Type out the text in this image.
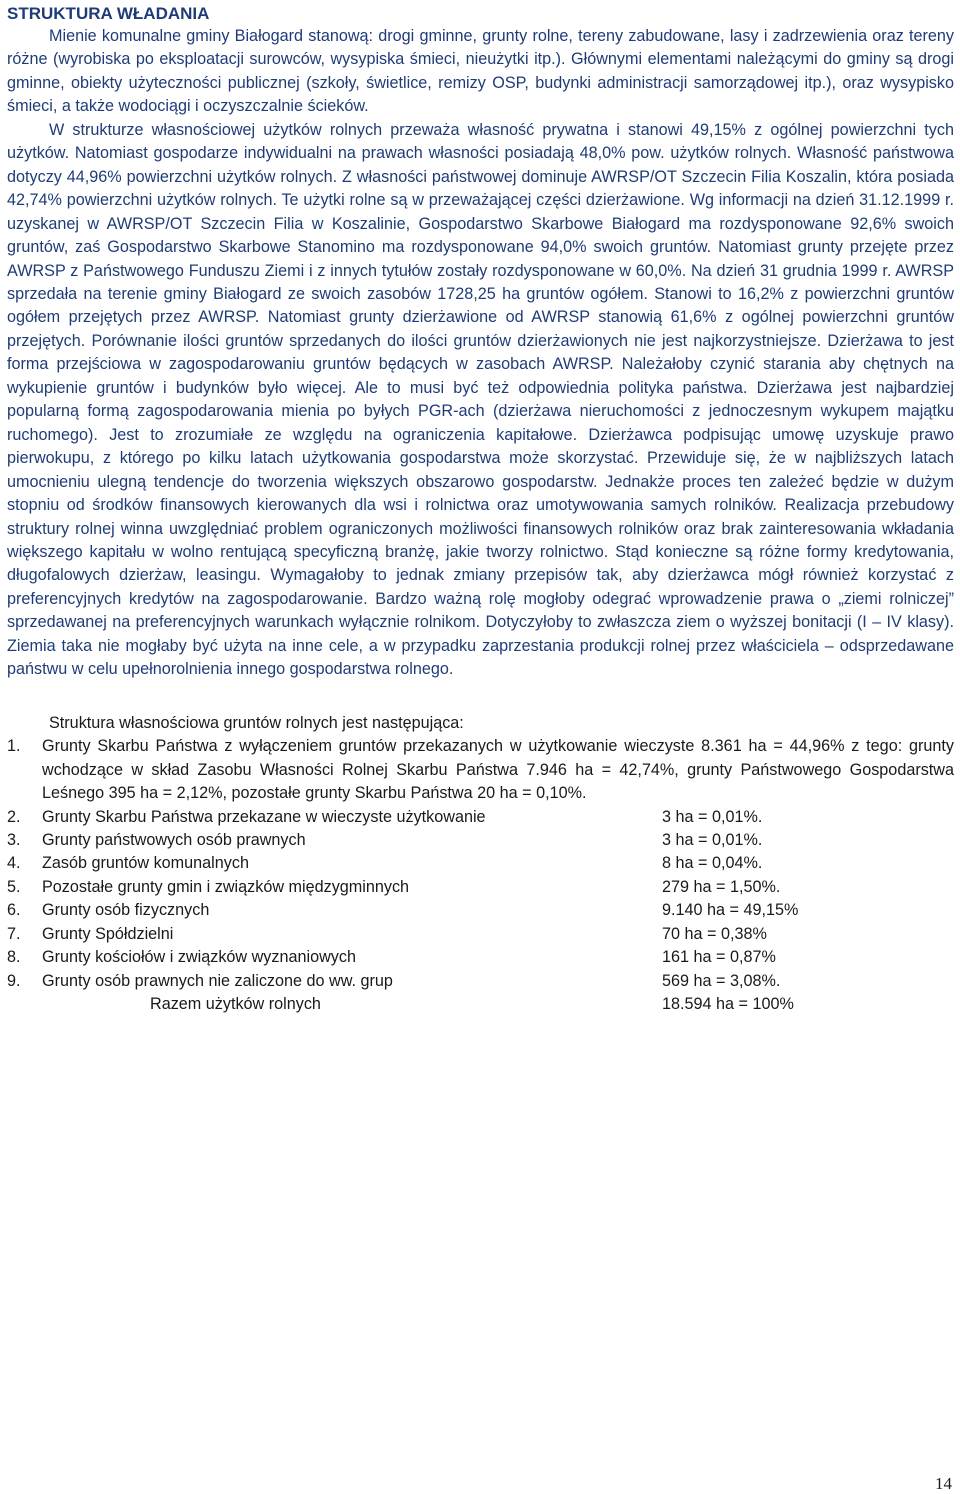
STRUKTURA WŁADANIA

Mienie komunalne gminy Białogard stanową: drogi gminne, grunty rolne, tereny zabudowane, lasy i zadrzewienia oraz tereny różne (wyrobiska po eksploatacji surowców, wysypiska śmieci, nieużytki itp.). Głównymi elementami należącymi do gminy są drogi gminne, obiekty użyteczności publicznej (szkoły, świetlice, remizy OSP, budynki administracji samorządowej itp.), oraz wysypisko śmieci, a także wodociągi i oczyszczalnie ścieków.

W strukturze własnościowej użytków rolnych przeważa własność prywatna i stanowi 49,15% z ogólnej powierzchni tych użytków. Natomiast gospodarze indywidualni na prawach własności posiadają 48,0% pow. użytków rolnych. Własność państwowa dotyczy 44,96% powierzchni użytków rolnych. Z własności państwowej dominuje AWRSP/OT Szczecin Filia Koszalin, która posiada 42,74% powierzchni użytków rolnych. Te użytki rolne są w przeważającej części dzierżawione. Wg informacji na dzień 31.12.1999 r. uzyskanej w AWRSP/OT Szczecin Filia w Koszalinie, Gospodarstwo Skarbowe Białogard ma rozdysponowane 92,6% swoich gruntów, zaś Gospodarstwo Skarbowe Stanomino ma rozdysponowane 94,0% swoich gruntów. Natomiast grunty przejęte przez AWRSP z Państwowego Funduszu Ziemi i z innych tytułów zostały rozdysponowane w 60,0%. Na dzień 31 grudnia 1999 r. AWRSP sprzedała na terenie gminy Białogard ze swoich zasobów 1728,25 ha gruntów ogółem. Stanowi to 16,2% z powierzchni gruntów ogółem przejętych przez AWRSP. Natomiast grunty dzierżawione od AWRSP stanowią 61,6% z ogólnej powierzchni gruntów przejętych. Porównanie ilości gruntów sprzedanych do ilości gruntów dzierżawionych nie jest najkorzystniejsze. Dzierżawa to jest forma przejściowa w zagospodarowaniu gruntów będących w zasobach AWRSP. Należałoby czynić starania aby chętnych na wykupienie gruntów i budynków było więcej. Ale to musi być też odpowiednia polityka państwa. Dzierżawa jest najbardziej popularną formą zagospodarowania mienia po byłych PGR-ach (dzierżawa nieruchomości z jednoczesnym wykupem majątku ruchomego). Jest to zrozumiałe ze względu na ograniczenia kapitałowe. Dzierżawca podpisując umowę uzyskuje prawo pierwokupu, z którego po kilku latach użytkowania gospodarstwa może skorzystać. Przewiduje się, że w najbliższych latach umocnieniu ulegną tendencje do tworzenia większych obszarowo gospodarstw. Jednakże proces ten zależeć będzie w dużym stopniu od środków finansowych kierowanych dla wsi i rolnictwa oraz umotywowania samych rolników. Realizacja przebudowy struktury rolnej winna uwzględniać problem ograniczonych możliwości finansowych rolników oraz brak zainteresowania wkładania większego kapitału w wolno rentującą specyficzną branżę, jakie tworzy rolnictwo. Stąd konieczne są różne formy kredytowania, długofalowych dzierżaw, leasingu. Wymagałoby to jednak zmiany przepisów tak, aby dzierżawca mógł również korzystać z preferencyjnych kredytów na zagospodarowanie. Bardzo ważną rolę mogłoby odegrać wprowadzenie prawa o „ziemi rolniczej” sprzedawanej na preferencyjnych warunkach wyłącznie rolnikom. Dotyczyłoby to zwłaszcza ziem o wyższej bonitacji (I – IV klasy). Ziemia taka nie mogłaby być użyta na inne cele, a w przypadku zaprzestania produkcji rolnej przez właściciela – odsprzedawane państwu w celu upełnorolnienia innego gospodarstwa rolnego.

Struktura własnościowa gruntów rolnych jest następująca:
1.	Grunty Skarbu Państwa z wyłączeniem gruntów przekazanych w użytkowanie wieczyste 8.361 ha = 44,96% z tego: grunty wchodzące w skład Zasobu Własności Rolnej Skarbu Państwa 7.946 ha = 42,74%, grunty Państwowego Gospodarstwa Leśnego 395 ha = 2,12%, pozostałe grunty Skarbu Państwa 20 ha = 0,10%.
2.	Grunty Skarbu Państwa przekazane w wieczyste użytkowanie	3 ha = 0,01%.
3.	Grunty państwowych osób prawnych	3 ha = 0,01%.
4.	Zasób gruntów komunalnych	8 ha = 0,04%.
5.	Pozostałe grunty gmin i związków międzygminnych	279 ha = 1,50%.
6.	Grunty osób fizycznych	9.140 ha = 49,15%
7.	Grunty Spółdzielni	70 ha = 0,38%
8.	Grunty kościołów i związków wyznaniowych	161 ha = 0,87%
9.	Grunty osób prawnych nie zaliczone do ww. grup	569 ha = 3,08%.
Razem użytków rolnych	18.594 ha = 100%
14
